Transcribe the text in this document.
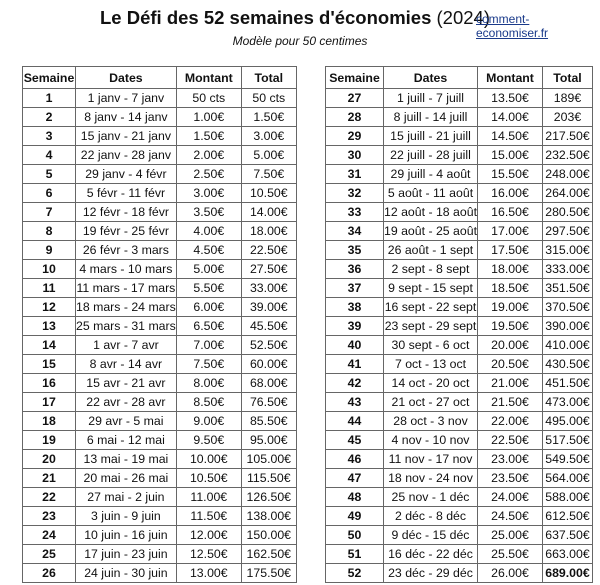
Le Défi des 52 semaines d'économies (2024)
comment-economiser.fr
Modèle pour 50 centimes
Semaine	Dates	Montant	Total
1	1 janv - 7 janv	50 cts	50 cts
2	8 janv - 14 janv	1.00€	1.50€
3	15 janv - 21 janv	1.50€	3.00€
4	22 janv - 28 janv	2.00€	5.00€
5	29 janv - 4 févr	2.50€	7.50€
6	5 févr - 11 févr	3.00€	10.50€
7	12 févr - 18 févr	3.50€	14.00€
8	19 févr - 25 févr	4.00€	18.00€
9	26 févr - 3 mars	4.50€	22.50€
10	4 mars - 10 mars	5.00€	27.50€
11	11 mars - 17 mars	5.50€	33.00€
12	18 mars - 24 mars	6.00€	39.00€
13	25 mars - 31 mars	6.50€	45.50€
14	1 avr - 7 avr	7.00€	52.50€
15	8 avr - 14 avr	7.50€	60.00€
16	15 avr - 21 avr	8.00€	68.00€
17	22 avr - 28 avr	8.50€	76.50€
18	29 avr - 5 mai	9.00€	85.50€
19	6 mai - 12 mai	9.50€	95.00€
20	13 mai - 19 mai	10.00€	105.00€
21	20 mai - 26 mai	10.50€	115.50€
22	27 mai - 2 juin	11.00€	126.50€
23	3 juin - 9 juin	11.50€	138.00€
24	10 juin - 16 juin	12.00€	150.00€
25	17 juin - 23 juin	12.50€	162.50€
26	24 juin - 30 juin	13.00€	175.50€
Semaine	Dates	Montant	Total
27	1 juill - 7 juill	13.50€	189€
28	8 juill - 14 juill	14.00€	203€
29	15 juill - 21 juill	14.50€	217.50€
30	22 juill - 28 juill	15.00€	232.50€
31	29 juill - 4 août	15.50€	248.00€
32	5 août - 11 août	16.00€	264.00€
33	12 août - 18 août	16.50€	280.50€
34	19 août - 25 août	17.00€	297.50€
35	26 août - 1 sept	17.50€	315.00€
36	2 sept - 8 sept	18.00€	333.00€
37	9 sept - 15 sept	18.50€	351.50€
38	16 sept - 22 sept	19.00€	370.50€
39	23 sept - 29 sept	19.50€	390.00€
40	30 sept - 6 oct	20.00€	410.00€
41	7 oct - 13 oct	20.50€	430.50€
42	14 oct - 20 oct	21.00€	451.50€
43	21 oct - 27 oct	21.50€	473.00€
44	28 oct - 3 nov	22.00€	495.00€
45	4 nov - 10 nov	22.50€	517.50€
46	11 nov - 17 nov	23.00€	549.50€
47	18 nov - 24 nov	23.50€	564.00€
48	25 nov - 1 déc	24.00€	588.00€
49	2 déc - 8 déc	24.50€	612.50€
50	9 déc - 15 déc	25.00€	637.50€
51	16 déc - 22 déc	25.50€	663.00€
52	23 déc - 29 déc	26.00€	689.00€
